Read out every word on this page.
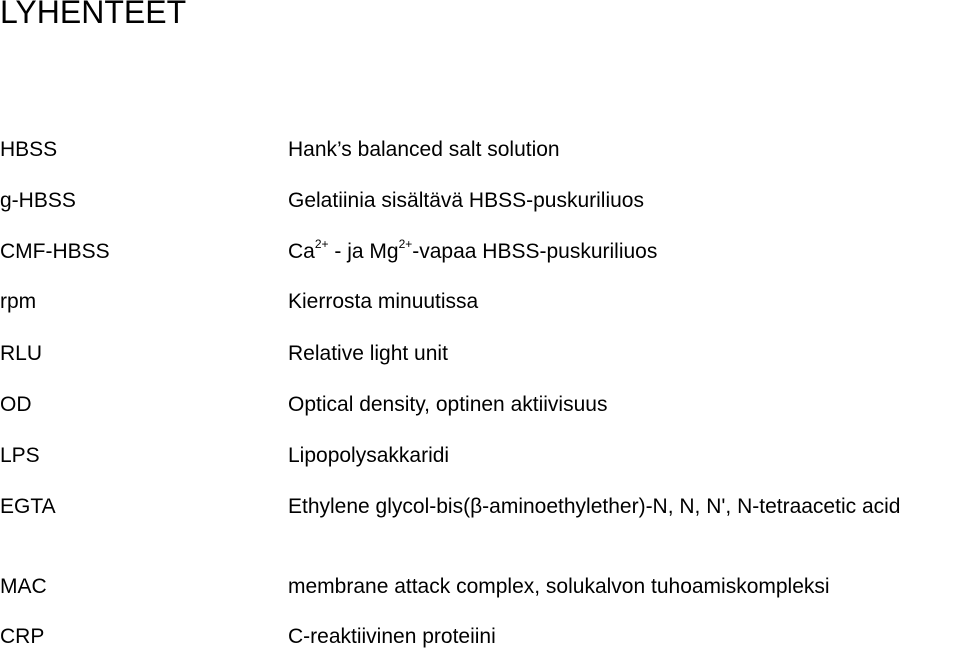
LYHENTEET
HBSS	Hank’s balanced salt solution
g-HBSS	Gelatiinia sisältävä HBSS-puskuriliuos
CMF-HBSS	$Ca^{2+}$ - ja $Mg^{2+}$-vapaa HBSS-puskuriliuos
rpm	Kierrosta minuutissa
RLU	Relative light unit
OD	Optical density, optinen aktiivisuus
LPS	Lipopolysakkaridi
EGTA	Ethylene glycol-bis(β-aminoethylether)-N, N, N', N-tetraacetic acid
MAC	membrane attack complex, solukalvon tuhoamiskompleksi
CRP	C-reaktiivinen proteiini
